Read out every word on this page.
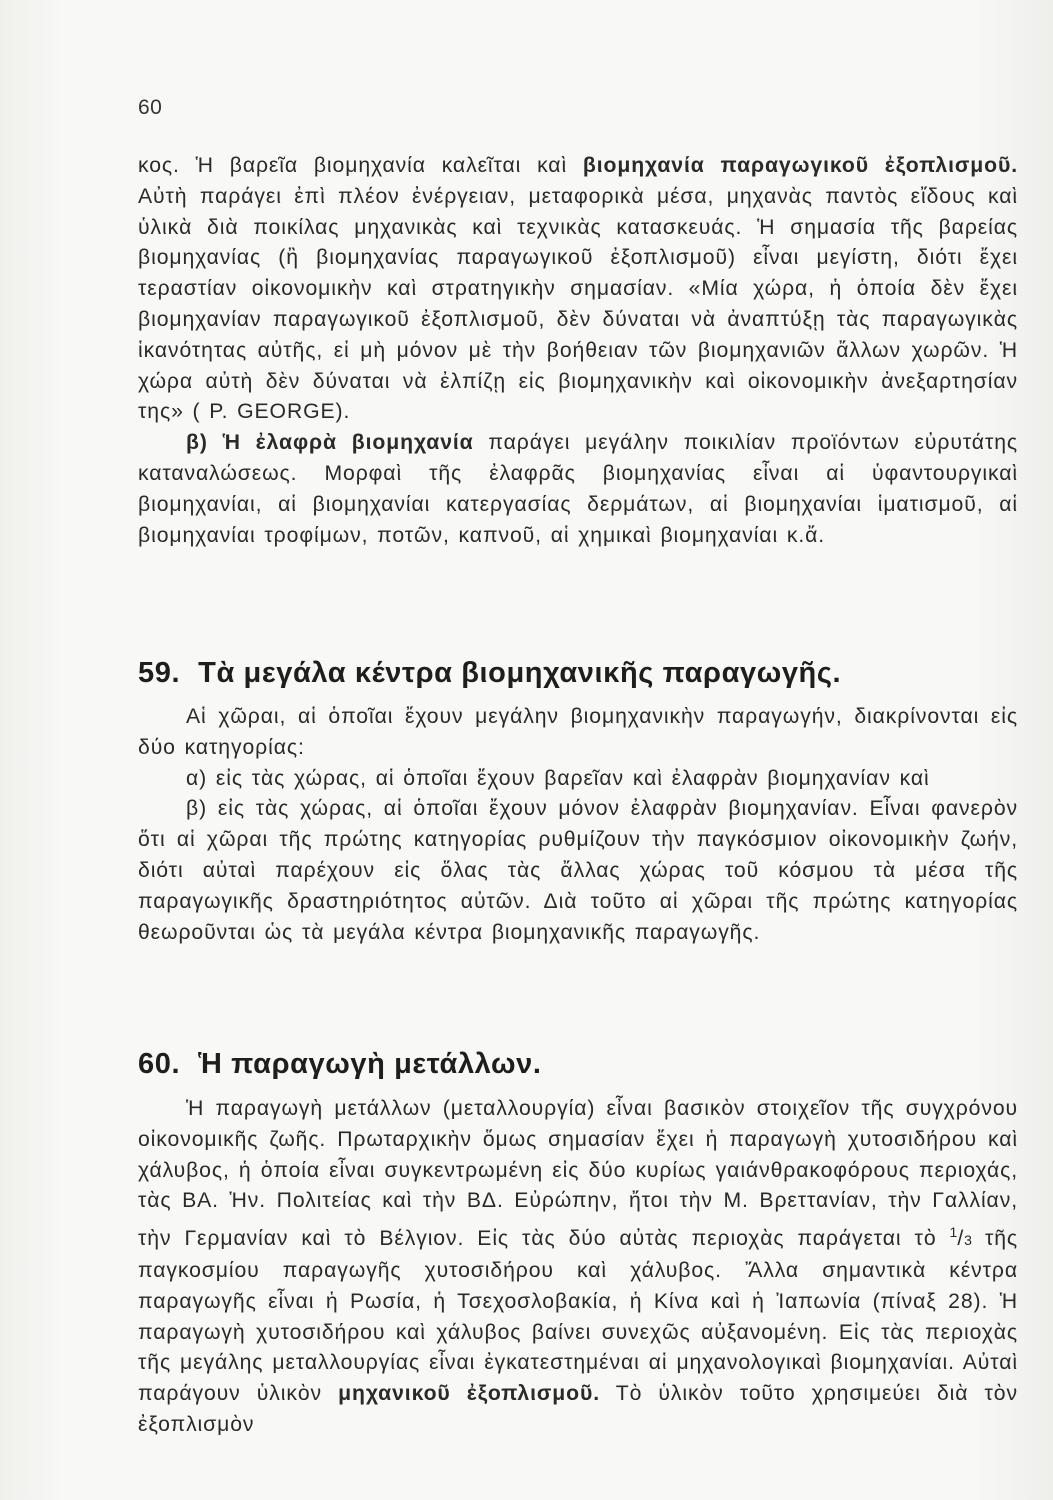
60

κος. Ἡ βαρεῖα βιομηχανία καλεῖται καὶ βιομηχανία παραγωγικοῦ ἐξοπλισμοῦ. Αὐτὴ παράγει ἐπὶ πλέον ἐνέργειαν, μεταφορικὰ μέσα, μηχανὰς παντὸς εἴδους καὶ ὑλικὰ διὰ ποικίλας μηχανικὰς καὶ τεχνικὰς κατασκευάς. Ἡ σημασία τῆς βαρείας βιομηχανίας (ἢ βιομηχανίας παραγωγικοῦ ἐξοπλισμοῦ) εἶναι μεγίστη, διότι ἔχει τεραστίαν οἰκονομικὴν καὶ στρατηγικὴν σημασίαν. «Μία χώρα, ἡ ὁποία δὲν ἔχει βιομηχανίαν παραγωγικοῦ ἐξοπλισμοῦ, δὲν δύναται νὰ ἀναπτύξῃ τὰς παραγωγικὰς ἱκανότητας αὐτῆς, εἰ μὴ μόνον μὲ τὴν βοήθειαν τῶν βιομηχανιῶν ἄλλων χωρῶν. Ἡ χώρα αὐτὴ δὲν δύναται νὰ ἐλπίζῃ εἰς βιομηχανικὴν καὶ οἰκονομικὴν ἀνεξαρτησίαν της» ( P. GEORGE).

β) Ἡ ἐλαφρὰ βιομηχανία παράγει μεγάλην ποικιλίαν προϊόντων εὐρυτάτης καταναλώσεως. Μορφαὶ τῆς ἐλαφρᾶς βιομηχανίας εἶναι αἱ ὑφαντουργικαὶ βιομηχανίαι, αἱ βιομηχανίαι κατεργασίας δερμάτων, αἱ βιομηχανίαι ἱματισμοῦ, αἱ βιομηχανίαι τροφίμων, ποτῶν, καπνοῦ, αἱ χημικαὶ βιομηχανίαι κ.ἄ.

59. Τὰ μεγάλα κέντρα βιομηχανικῆς παραγωγῆς.

Αἱ χῶραι, αἱ ὁποῖαι ἔχουν μεγάλην βιομηχανικὴν παραγωγήν, διακρίνονται εἰς δύο κατηγορίας:

α) εἰς τὰς χώρας, αἱ ὁποῖαι ἔχουν βαρεῖαν καὶ ἐλαφρὰν βιομηχανίαν καὶ

β) εἰς τὰς χώρας, αἱ ὁποῖαι ἔχουν μόνον ἐλαφρὰν βιομηχανίαν. Εἶναι φανερὸν ὅτι αἱ χῶραι τῆς πρώτης κατηγορίας ρυθμίζουν τὴν παγκόσμιον οἰκονομικὴν ζωήν, διότι αὐταὶ παρέχουν εἰς ὅλας τὰς ἄλλας χώρας τοῦ κόσμου τὰ μέσα τῆς παραγωγικῆς δραστηριότητος αὐτῶν. Διὰ τοῦτο αἱ χῶραι τῆς πρώτης κατηγορίας θεωροῦνται ὡς τὰ μεγάλα κέντρα βιομηχανικῆς παραγωγῆς.

60. Ἡ παραγωγὴ μετάλλων.

Ἡ παραγωγὴ μετάλλων (μεταλλουργία) εἶναι βασικὸν στοιχεῖον τῆς συγχρόνου οἰκονομικῆς ζωῆς. Πρωταρχικὴν ὅμως σημασίαν ἔχει ἡ παραγωγὴ χυτοσιδήρου καὶ χάλυβος, ἡ ὁποία εἶναι συγκεντρωμένη εἰς δύο κυρίως γαιάνθρακοφόρους περιοχάς, τὰς ΒΑ. Ἡν. Πολιτείας καὶ τὴν ΒΔ. Εὐρώπην, ἤτοι τὴν Μ. Βρεττανίαν, τὴν Γαλλίαν, τὴν Γερμανίαν καὶ τὸ Βέλγιον. Εἰς τὰς δύο αὐτὰς περιοχὰς παράγεται τὸ $^1$/3 τῆς παγκοσμίου παραγωγῆς χυτοσιδήρου καὶ χάλυβος. Ἄλλα σημαντικὰ κέντρα παραγωγῆς εἶναι ἡ Ρωσία, ἡ Τσεχοσλοβακία, ἡ Κίνα καὶ ἡ Ἰαπωνία (πίναξ 28). Ἡ παραγωγὴ χυτοσιδήρου καὶ χάλυβος βαίνει συνεχῶς αὐξανομένη. Εἰς τὰς περιοχὰς τῆς μεγάλης μεταλλουργίας εἶναι ἐγκατεστημέναι αἱ μηχανολογικαὶ βιομηχανίαι. Αὐταὶ παράγουν ὑλικὸν μηχανικοῦ ἐξοπλισμοῦ. Τὸ ὑλικὸν τοῦτο χρησιμεύει διὰ τὸν ἐξοπλισμὸν
